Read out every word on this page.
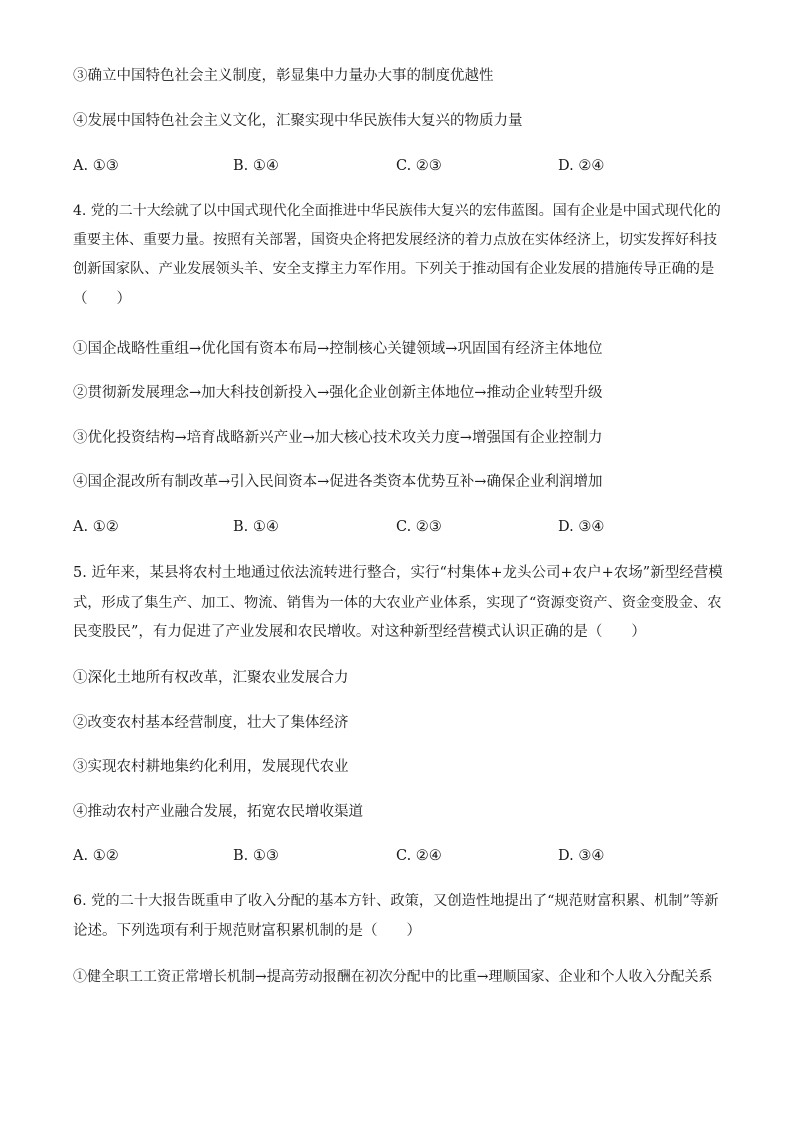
③确立中国特色社会主义制度，彰显集中力量办大事的制度优越性
④发展中国特色社会主义文化，汇聚实现中华民族伟大复兴的物质力量
A. ①③	B. ①④	C. ②③	D. ②④
4. 党的二十大绘就了以中国式现代化全面推进中华民族伟大复兴的宏伟蓝图。国有企业是中国式现代化的
重要主体、重要力量。按照有关部署，国资央企将把发展经济的着力点放在实体经济上，切实发挥好科技
创新国家队、产业发展领头羊、安全支撑主力军作用。下列关于推动国有企业发展的措施传导正确的是
（　　）
①国企战略性重组→优化国有资本布局→控制核心关键领域→巩固国有经济主体地位
②贯彻新发展理念→加大科技创新投入→强化企业创新主体地位→推动企业转型升级
③优化投资结构→培育战略新兴产业→加大核心技术攻关力度→增强国有企业控制力
④国企混改所有制改革→引入民间资本→促进各类资本优势互补→确保企业利润增加
A. ①②	B. ①④	C. ②③	D. ③④
5. 近年来，某县将农村土地通过依法流转进行整合，实行“村集体+龙头公司+农户+农场”新型经营模
式，形成了集生产、加工、物流、销售为一体的大农业产业体系，实现了“资源变资产、资金变股金、农
民变股民”，有力促进了产业发展和农民增收。对这种新型经营模式认识正确的是（　　）
①深化土地所有权改革，汇聚农业发展合力
②改变农村基本经营制度，壮大了集体经济
③实现农村耕地集约化利用，发展现代农业
④推动农村产业融合发展，拓宽农民增收渠道
A. ①②	B. ①③	C. ②④	D. ③④
6. 党的二十大报告既重申了收入分配的基本方针、政策，又创造性地提出了“规范财富积累、机制”等新
论述。下列选项有利于规范财富积累机制的是（　　）
①健全职工工资正常增长机制→提高劳动报酬在初次分配中的比重→理顺国家、企业和个人收入分配关系
